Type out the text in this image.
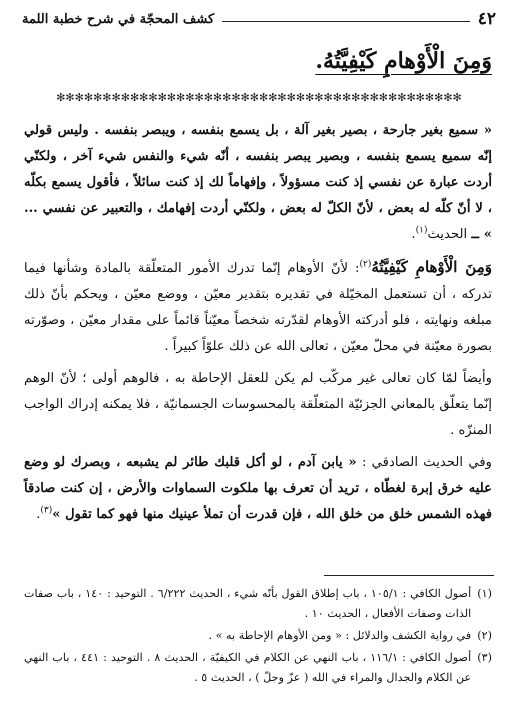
٤٢
كشف المحجّة في شرح خطبة اللمة
وَمِنَ الْأَوْهامِ كَيْفِيَّتُهُ.
✻✻✻✻✻✻✻✻✻✻✻✻✻✻✻✻✻✻✻✻✻✻✻✻✻✻✻✻✻✻✻✻✻✻✻✻✻✻✻✻✻✻✻✻

« سميع بغير جارحة ، بصير بغير آلة ، بل يسمع بنفسه ، ويبصر بنفسه . وليس قولي إنّه سميع يسمع بنفسه ، وبصير يبصر بنفسه ، أنّه شيء والنفس شيء آخر ، ولكنّي أردت عبارة عن نفسي إذ كنت مسؤولاً ، وإفهاماً لك إذ كنت سائلاً ، فأقول يسمع بكلّه ، لا أنّ كلّه له بعض ، لأنّ الكلّ له بعض ، ولكنّي أردت إفهامك ، والتعبير عن نفسي ... » ــ الحديث$^{(١)}$.

وَمِنَ الْأَوْهامِ كَيْفِيَّتُهُ$^{(٢)}$: لأنّ الأوهام إنّما تدرك الأمور المتعلّقة بالمادة وشأنها فيما تدركه ، أن تستعمل المخيّلة في تقديره بتقدير معيّن ، ووضع معيّن ، ويحكم بأنّ ذلك مبلغه ونهايته ، فلو أدركته الأوهام لقدّرته شخصاً معيّناً قائماً على مقدار معيّن ، وصوّرته بصورة معيّنة في محلّ معيّن ، تعالى الله عن ذلك علوّاً كبيراً .

وأيضاً لمّا كان تعالى غير مركّب لم يكن للعقل الإحاطة به ، فالوهم أولى ؛ لأنّ الوهم إنّما يتعلّق بالمعاني الجزئيّة المتعلّقة بالمحسوسات الجسمانيّة ، فلا يمكنه إدراك الواجب المنزّه .

وفي الحديث الصادقي : « يابن آدم ، لو أكل قلبك طائر لم يشبعه ، وبصرك لو وضع عليه خرق إبرة لغطّاه ، تريد أن تعرف بها ملكوت السماوات والأرض ، إن كنت صادقاً فهذه الشمس خلق من خلق الله ، فإن قدرت أن تملأ عينيك منها فهو كما تقول »$^{(٣)}$.

(١)
أصول الكافي : ١٠٥/١ ، باب إطلاق القول بأنّه شيء ، الحديث ٦/٢٢٢ . التوحيد : ١٤٠ ، باب صفات الذات وصفات الأفعال ، الحديث ١٠ .
(٢)
في رواية الكشف والدلائل : « ومن الأوهام الإحاطة به » .
(٣)
أصول الكافي : ١١٦/١ ، باب النهي عن الكلام في الكيفيّة ، الحديث ٨ . التوحيد : ٤٤١ ، باب النهي عن الكلام والجدال والمراء في الله ( عزّ وجلّ ) ، الحديث ٥ .
